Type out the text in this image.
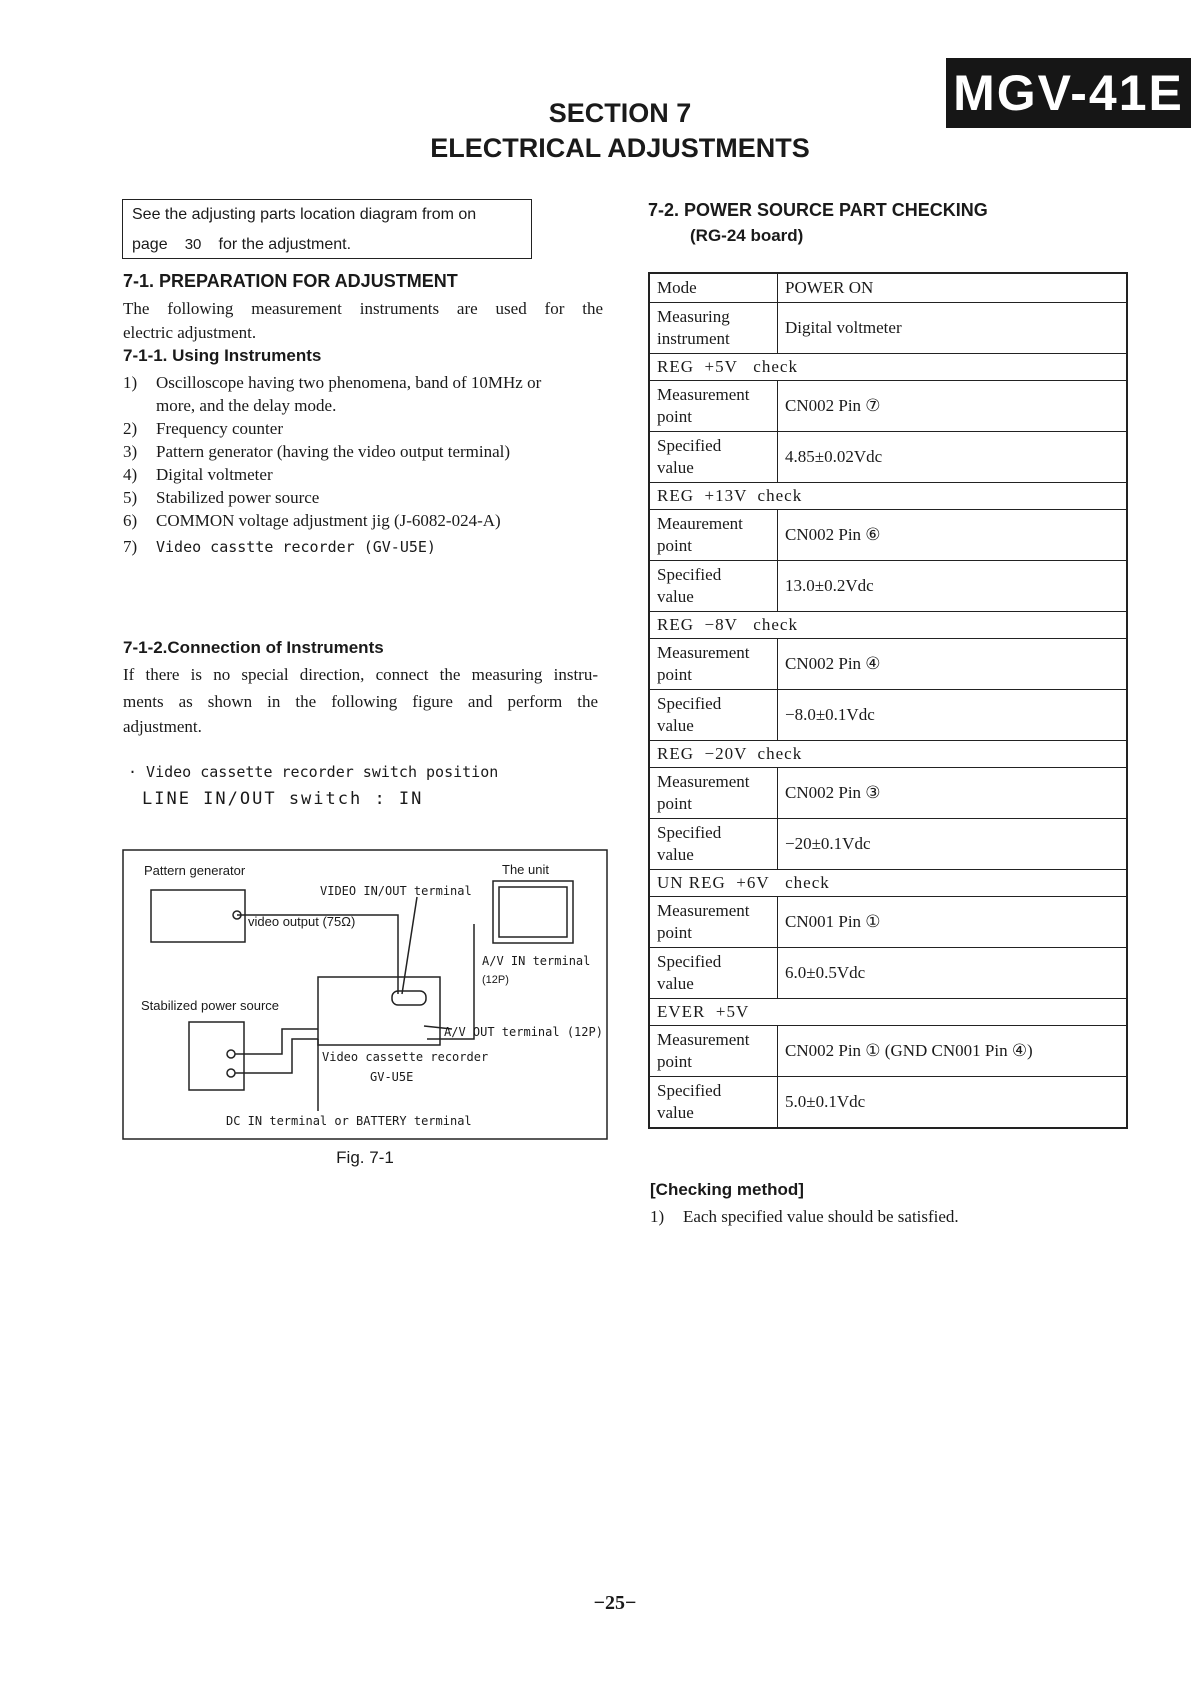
MGV-41E
SECTION 7
ELECTRICAL ADJUSTMENTS
See the adjusting parts location diagram from on
page 30 for the adjustment.
7-1. PREPARATION FOR ADJUSTMENT
The following measurement instruments are used for the
electric adjustment.
7-1-1. Using Instruments
1) Oscilloscope having two phenomena, band of 10MHz or
more, and the delay mode.
2) Frequency counter
3) Pattern generator (having the video output terminal)
4) Digital voltmeter
5) Stabilized power source
6) COMMON voltage adjustment jig (J-6082-024-A)
7) Video casstte recorder (GV-U5E)
7-1-2.Connection of Instruments
If there is no special direction, connect the measuring instru-
ments as shown in the following figure and perform the
adjustment.
· Video cassette recorder switch position
LINE IN/OUT switch : IN
Pattern generator	The unit
VIDEO IN/OUT terminal
video output (75Ω)
A/V IN terminal
(12P)
Stabilized power source
A/V OUT terminal (12P)
Video cassette recorder
GV-U5E
DC IN terminal or BATTERY terminal
Fig. 7-1
7-2. POWER SOURCE PART CHECKING
(RG-24 board)
Mode	POWER ON
Measuring
instrument	Digital voltmeter
REG  +5V   check	
Measurement
point	CN002 Pin ⑦
Specified
value	4.85±0.02Vdc
REG  +13V  check	
Meaurement
point	CN002 Pin ⑥
Specified
value	13.0±0.2Vdc
REG  −8V   check	
Measurement
point	CN002 Pin ④
Specified
value	−8.0±0.1Vdc
REG  −20V  check	
Measurement
point	CN002 Pin ③
Specified
value	−20±0.1Vdc
UN REG  +6V   check	
Measurement
point	CN001 Pin ①
Specified
value	6.0±0.5Vdc
EVER  +5V	
Measurement
point	CN002 Pin ① (GND CN001 Pin ④)
Specified
value	5.0±0.1Vdc
[Checking method]
1) Each specified value should be satisfied.
−25−
